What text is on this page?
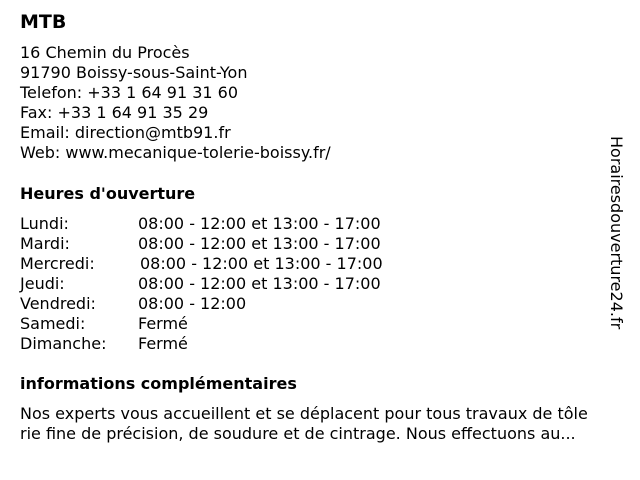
MTB
16 Chemin du Procès
91790 Boissy-sous-Saint-Yon
Telefon: +33 1 64 91 31 60
Fax: +33 1 64 91 35 29
Email: direction@mtb91.fr
Web: www.mecanique-tolerie-boissy.fr/
Heures d'ouverture
Lundi:	08:00 - 12:00 et 13:00 - 17:00
Mardi:	08:00 - 12:00 et 13:00 - 17:00
Mercredi:	08:00 - 12:00 et 13:00 - 17:00
Jeudi:	08:00 - 12:00 et 13:00 - 17:00
Vendredi:	08:00 - 12:00
Samedi:	Fermé
Dimanche: Fermé
informations complémentaires
Nos experts vous accueillent et se déplacent pour tous travaux de tôle
rie fine de précision, de soudure et de cintrage. Nous effectuons au...
Horairesdouverture24.fr
